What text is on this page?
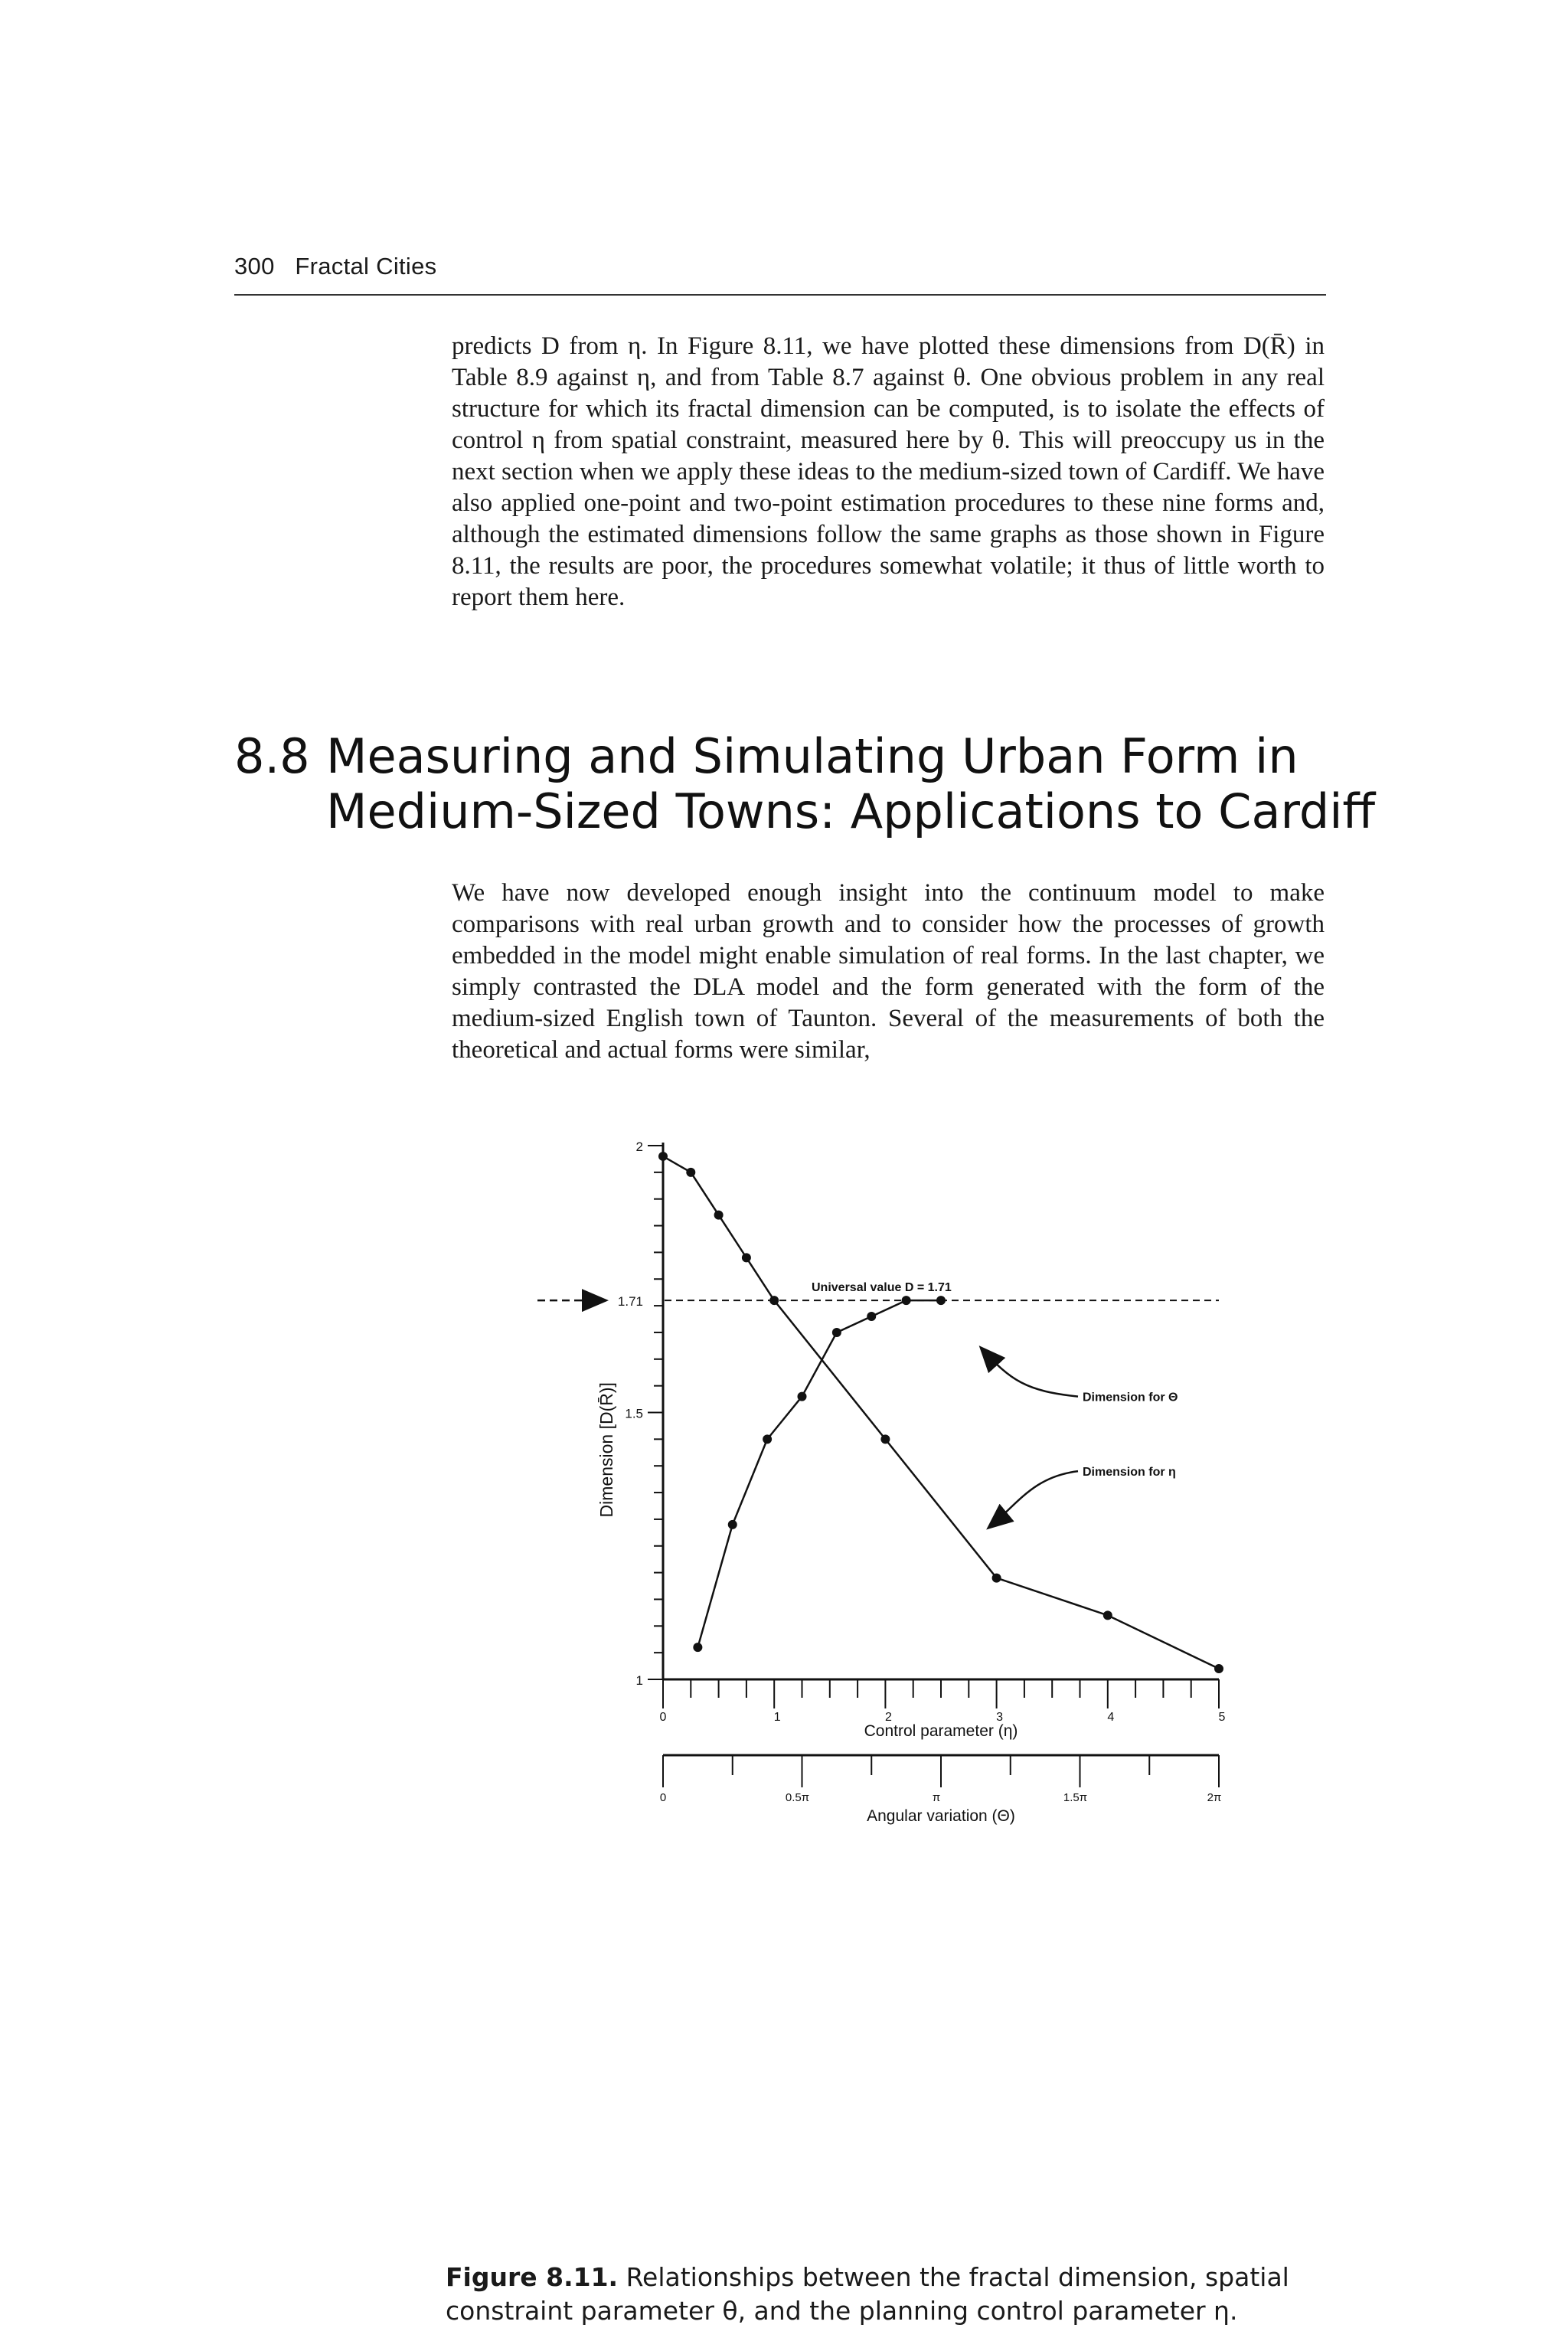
300 Fractal Cities

predicts D from η. In Figure 8.11, we have plotted these dimensions from D(R̄) in Table 8.9 against η, and from Table 8.7 against θ. One obvious problem in any real structure for which its fractal dimension can be computed, is to isolate the effects of control η from spatial constraint, measured here by θ. This will preoccupy us in the next section when we apply these ideas to the medium-sized town of Cardiff. We have also applied one-point and two-point estimation procedures to these nine forms and, although the estimated dimensions follow the same graphs as those shown in Figure 8.11, the results are poor, the procedures somewhat volatile; it thus of little worth to report them here.

8.8 Measuring and Simulating Urban Form in
Medium-Sized Towns: Applications to Cardiff

We have now developed enough insight into the continuum model to make comparisons with real urban growth and to consider how the processes of growth embedded in the model might enable simulation of real forms. In the last chapter, we simply contrasted the DLA model and the form generated with the form of the medium-sized English town of Taunton. Several of the measurements of both the theoretical and actual forms were similar,

1
1.5
1.71
2
Dimension [D(R̄)]
Universal value D = 1.71
0	1	2	3	4	5
Control parameter (η)
0	0.5π	π	1.5π	2π
Angular variation (Θ)
Dimension for Θ
Dimension for η
Figure 8.11. Relationships between the fractal dimension, spatial constraint parameter θ, and the planning control parameter η.
